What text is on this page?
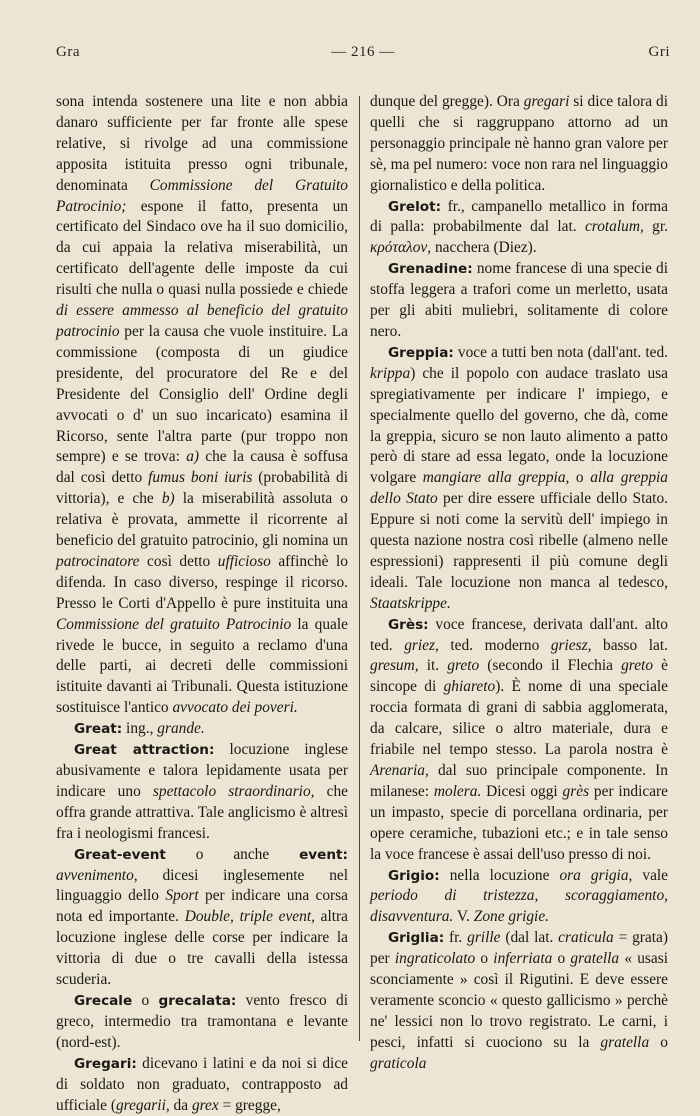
Gra	— 216 —	Gri

sona intenda sostenere una lite e non abbia danaro sufficiente per far fronte alle spese relative, si rivolge ad una commissione apposita istituita presso ogni tribunale, denominata Commissione del Gratuito Patrocinio; espone il fatto, presenta un certificato del Sindaco ove ha il suo domicilio, da cui appaia la relativa miserabilità, un certificato dell'agente delle imposte da cui risulti che nulla o quasi nulla possiede e chiede di essere ammesso al beneficio del gratuito patrocinio per la causa che vuole instituire. La commissione (composta di un giudice presidente, del procuratore del Re e del Presidente del Consiglio dell' Ordine degli avvocati o d' un suo incaricato) esamina il Ricorso, sente l'altra parte (pur troppo non sempre) e se trova: a) che la causa è soffusa dal così detto fumus boni iuris (probabilità di vittoria), e che b) la miserabilità assoluta o relativa è provata, ammette il ricorrente al beneficio del gratuito patrocinio, gli nomina un patrocinatore così detto ufficioso affinchè lo difenda. In caso diverso, respinge il ricorso. Presso le Corti d'Appello è pure instituita una Commissione del gratuito Patrocinio la quale rivede le bucce, in seguito a reclamo d'una delle parti, ai decreti delle commissioni istituite davanti ai Tribunali. Questa istituzione sostituisce l'antico avvocato dei poveri.

Great: ing., grande.

Great attraction: locuzione inglese abusivamente e talora lepidamente usata per indicare uno spettacolo straordinario, che offra grande attrattiva. Tale anglicismo è altresì fra i neologismi francesi.

Great-event o anche event: avvenimento, dicesi inglesemente nel linguaggio dello Sport per indicare una corsa nota ed importante. Double, triple event, altra locuzione inglese delle corse per indicare la vittoria di due o tre cavalli della istessa scuderia.

Grecale o grecalata: vento fresco di greco, intermedio tra tramontana e levante (nord-est).

Gregari: dicevano i latini e da noi si dice di soldato non graduato, contrapposto ad ufficiale (gregarii, da grex = gregge,

dunque del gregge). Ora gregari si dice talora di quelli che si raggruppano attorno ad un personaggio principale nè hanno gran valore per sè, ma pel numero: voce non rara nel linguaggio giornalistico e della politica.

Grelot: fr., campanello metallico in forma di palla: probabilmente dal lat. crotalum, gr. κρόταλον, nacchera (Diez).

Grenadine: nome francese di una specie di stoffa leggera a trafori come un merletto, usata per gli abiti muliebri, solitamente di colore nero.

Greppia: voce a tutti ben nota (dall'ant. ted. krippa) che il popolo con audace traslato usa spregiativamente per indicare l' impiego, e specialmente quello del governo, che dà, come la greppia, sicuro se non lauto alimento a patto però di stare ad essa legato, onde la locuzione volgare mangiare alla greppia, o alla greppia dello Stato per dire essere ufficiale dello Stato. Eppure si noti come la servitù dell' impiego in questa nazione nostra così ribelle (almeno nelle espressioni) rappresenti il più comune degli ideali. Tale locuzione non manca al tedesco, Staatskrippe.

Grès: voce francese, derivata dall'ant. alto ted. griez, ted. moderno griesz, basso lat. gresum, it. greto (secondo il Flechia greto è sincope di ghiareto). È nome di una speciale roccia formata di grani di sabbia agglomerata, da calcare, silice o altro materiale, dura e friabile nel tempo stesso. La parola nostra è Arenaria, dal suo principale componente. In milanese: molera. Dicesi oggi grès per indicare un impasto, specie di porcellana ordinaria, per opere ceramiche, tubazioni etc.; e in tale senso la voce francese è assai dell'uso presso di noi.

Grigio: nella locuzione ora grigia, vale periodo di tristezza, scoraggiamento, disavventura. V. Zone grigie.

Griglia: fr. grille (dal lat. craticula = grata) per ingraticolato o inferriata o gratella « usasi sconciamente » così il Rigutini. E deve essere veramente sconcio « questo gallicismo » perchè ne' lessici non lo trovo registrato. Le carni, i pesci, infatti si cuociono su la gratella o graticola
